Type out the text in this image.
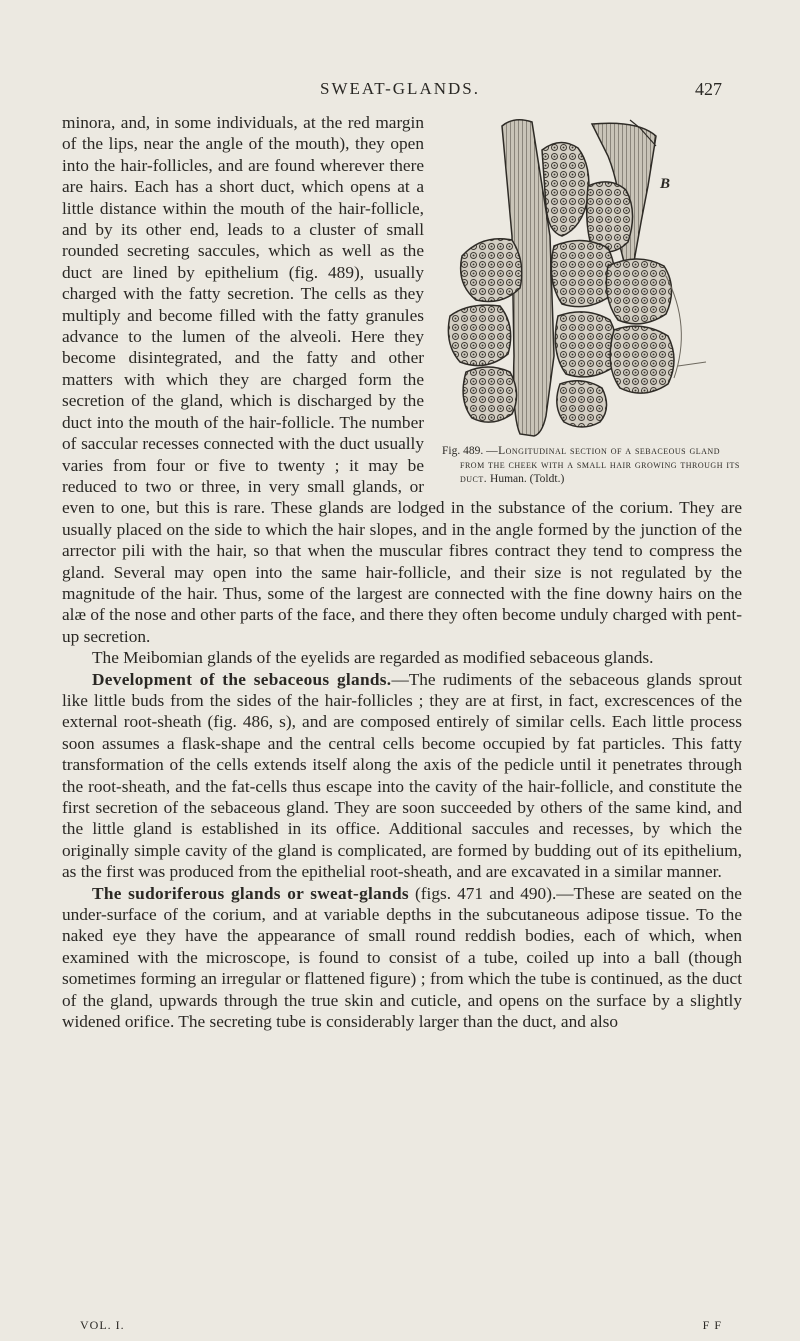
SWEAT-GLANDS.	427
B
Fig. 489. —Longitudinal section of a sebaceous gland from the cheek with a small hair growing through its duct. Human. (Toldt.)

minora, and, in some individuals, at the red margin of the lips, near the angle of the mouth), they open into the hair-follicles, and are found wherever there are hairs. Each has a short duct, which opens at a little distance within the mouth of the hair-follicle, and by its other end, leads to a cluster of small rounded secreting saccules, which as well as the duct are lined by epithelium (fig. 489), usually charged with the fatty secretion. The cells as they multiply and become filled with the fatty granules advance to the lumen of the alveoli. Here they become disintegrated, and the fatty and other matters with which they are charged form the secretion of the gland, which is discharged by the duct into the mouth of the hair-follicle. The number of saccular recesses connected with the duct usually varies from four or five to twenty ; it may be reduced to two or three, in very small glands, or even to one, but this is rare. These glands are lodged in the substance of the corium. They are usually placed on the side to which the hair slopes, and in the angle formed by the junction of the arrector pili with the hair, so that when the muscular fibres contract they tend to compress the gland. Several may open into the same hair-follicle, and their size is not regulated by the magnitude of the hair. Thus, some of the largest are connected with the fine downy hairs on the alæ of the nose and other parts of the face, and there they often become unduly charged with pent-up secretion.

The Meibomian glands of the eyelids are regarded as modified sebaceous glands.

Development of the sebaceous glands.—The rudiments of the sebaceous glands sprout like little buds from the sides of the hair-follicles ; they are at first, in fact, excrescences of the external root-sheath (fig. 486, s), and are composed entirely of similar cells. Each little process soon assumes a flask-shape and the central cells become occupied by fat particles. This fatty transformation of the cells extends itself along the axis of the pedicle until it penetrates through the root-sheath, and the fat-cells thus escape into the cavity of the hair-follicle, and constitute the first secretion of the sebaceous gland. They are soon succeeded by others of the same kind, and the little gland is established in its office. Additional saccules and recesses, by which the originally simple cavity of the gland is complicated, are formed by budding out of its epithelium, as the first was produced from the epithelial root-sheath, and are excavated in a similar manner.

The sudoriferous glands or sweat-glands (figs. 471 and 490).—These are seated on the under-surface of the corium, and at variable depths in the subcutaneous adipose tissue. To the naked eye they have the appearance of small round reddish bodies, each of which, when examined with the microscope, is found to consist of a tube, coiled up into a ball (though sometimes forming an irregular or flattened figure) ; from which the tube is continued, as the duct of the gland, upwards through the true skin and cuticle, and opens on the surface by a slightly widened orifice. The secreting tube is considerably larger than the duct, and also

VOL. I.	F F
